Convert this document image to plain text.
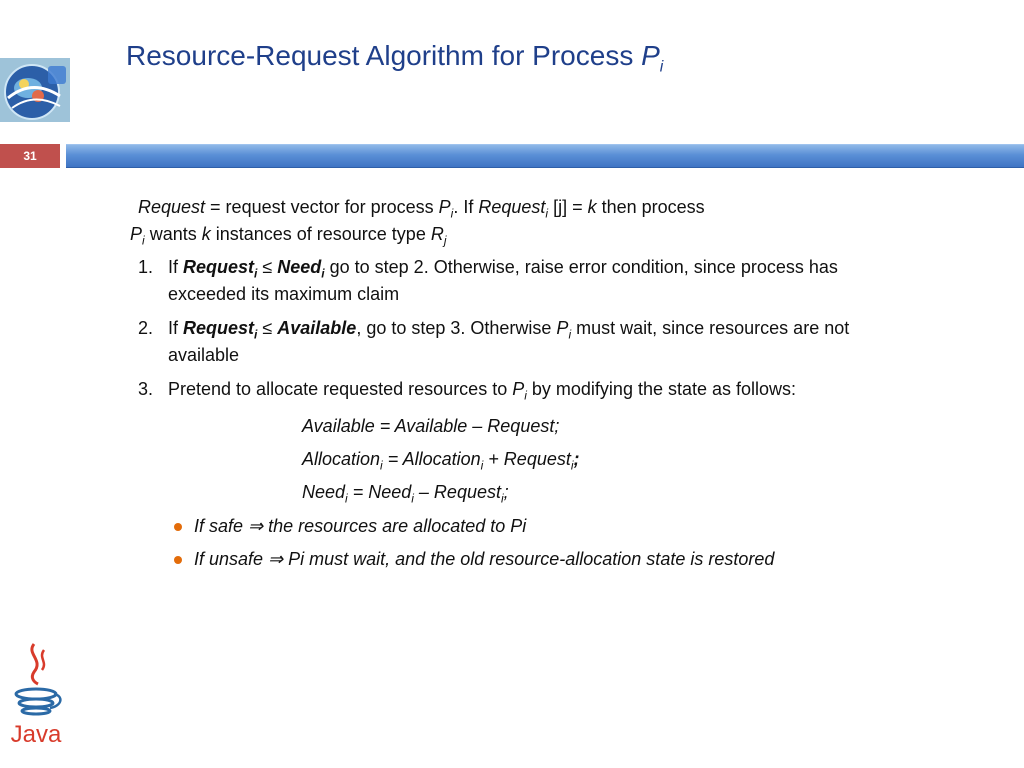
Resource-Request Algorithm for Process $P_i$
31
Request = request vector for process $P_i$. If Request$_i$ [j] = k then process
$P_i$ wants k instances of resource type $R_j$
1. If Request$_i$ ≤ Need$_i$ go to step 2. Otherwise, raise error condition, since process has exceeded its maximum claim
2. If Request$_i$ ≤ Available, go to step 3. Otherwise $P_i$ must wait, since resources are not available
3. Pretend to allocate requested resources to $P_i$ by modifying the state as follows:
Available = Available – Request;
Allocation$_i$ = Allocation$_i$ + Request$_i$;
Need$_i$ = Need$_i$ – Request$_i$;
If safe ⇒ the resources are allocated to Pi
If unsafe ⇒ Pi must wait, and the old resource-allocation state is restored
Java
